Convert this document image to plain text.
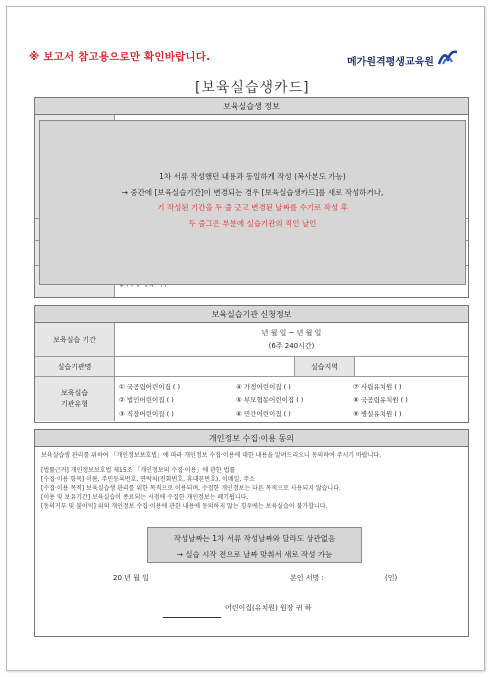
※ 보고서 참고용으로만 확인바랍니다.	메가원격평생교육원
[보육실습생카드]
보육실습생 정보
1차 서류 작성했던 내용과 동일하게 작성 (복사본도 가능)
→ 중간에 [보육실습기간]이 변경되는 경우 [보육실습생카드]를 새로 작성하거나,
기 작성된 기간을 두 줄 긋고 변경된 날짜를 수기로 작성 후
두 줄그은 부분에 실습기관의 직인 날인
보육실습기관 신청정보
보육실습 기간
년 월 일 ~ 년 월 일
(6주 240시간)
실습기관명	실습지역
보육실습
기관유형
① 국공립어린이집 ( )	④ 가정어린이집 ( )	⑦ 사립유치원 ( )
② 법인어린이집 ( )	⑤ 부모협동어린이집 ( )	⑧ 국공립유치원 ( )
③ 직장어린이집 ( )	⑥ 민간어린이집 ( )	⑨ 병설유치원 ( )
개인정보 수집·이용 동의
보육실습생 관리를 위하여 「개인정보보호법」에 따라 개인정보 수집·이용에 대한 내용을 알려드리오니 동의하여 주시기 바랍니다.
[법률근거] 개인정보보호법 제15조 「개인정보의 수집·이용」에 관한 법률
[수집·이용 항목] 이름, 주민등록번호, 연락처(전화번호, 휴대폰번호), 이메일, 주소
[수집·이용 목적] 보육실습생 관리를 위한 목적으로 이용되며, 수집한 개인정보는 다른 목적으로 사용되지 않습니다.
[이용 및 보유기간] 보육실습이 종료되는 시점에 수집한 개인정보는 폐기됩니다.
[동의거부 및 불이익] 위의 개인정보 수집·이용에 관한 내용에 동의하지 않는 경우에는 보육실습이 불가합니다.
20 년 월 일	본인 서명 :	(인)
어린이집(유치원) 원장 귀 하
작성날짜는 1차 서류 작성날짜와 달라도 상관없음
→ 실습 시작 전으로 날짜 맞춰서 새로 작성 가능
